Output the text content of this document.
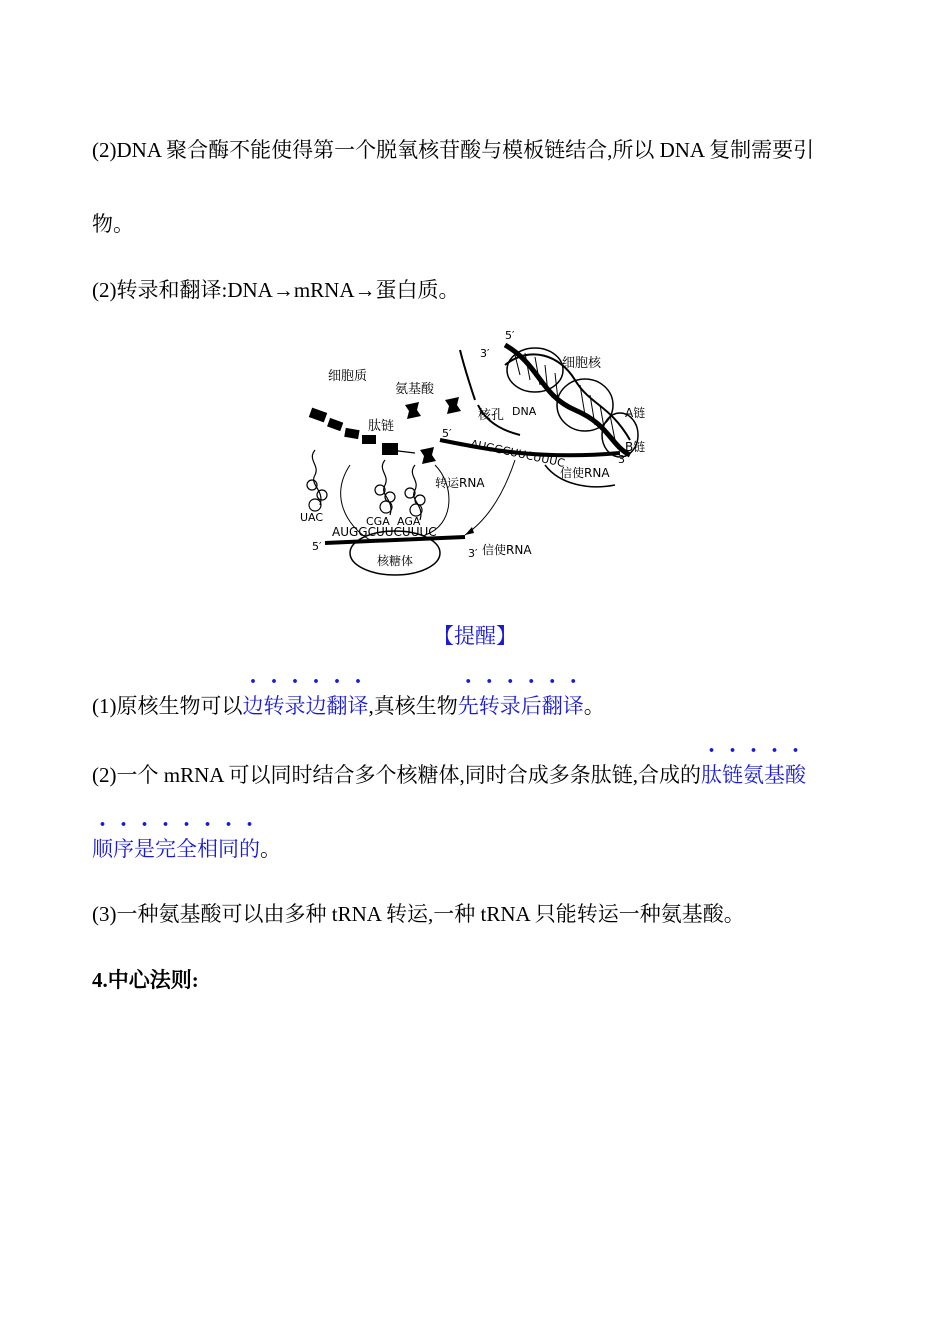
(2)DNA 聚合酶不能使得第一个脱氧核苷酸与模板链结合,所以 DNA 复制需要引
物。
(2)转录和翻译:DNA→mRNA→蛋白质。
细胞质
氨基酸
核孔
细胞核
DNA
肽链
A链
B链
转运RNA
信使RNA
信使RNA
核糖体
AUGGCUUCUUUC
AUGGCUUCUUUC
UAC	CGA AGA
5′
5′
3′
3′
5′
3′
【提醒】
(1)原核生物可以边转录边翻译,真核生物先转录后翻译。
(2)一个 mRNA 可以同时结合多个核糖体,同时合成多条肽链,合成的肽链氨基酸
顺序是完全相同的。
(3)一种氨基酸可以由多种 tRNA 转运,一种 tRNA 只能转运一种氨基酸。
4.中心法则:
